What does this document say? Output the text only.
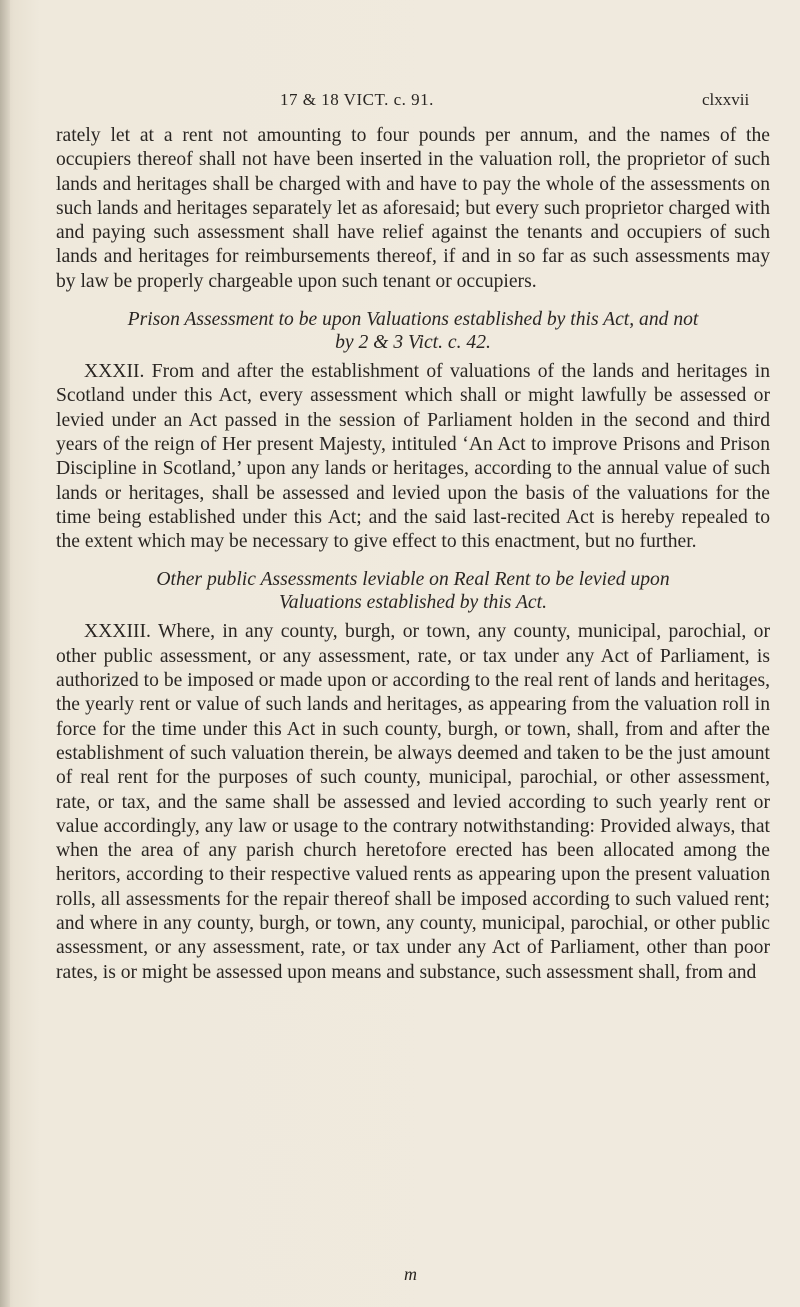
17 & 18 VICT. c. 91.	clxxvii

rately let at a rent not amounting to four pounds per annum, and the names of the occupiers thereof shall not have been inserted in the valuation roll, the proprietor of such lands and heritages shall be charged with and have to pay the whole of the assessments on such lands and heritages separately let as aforesaid; but every such proprietor charged with and paying such assessment shall have relief against the tenants and occupiers of such lands and heritages for reimbursements thereof, if and in so far as such assessments may by law be properly chargeable upon such tenant or occupiers.

Prison Assessment to be upon Valuations established by this Act, and not
by 2 & 3 Vict. c. 42.

XXXII. From and after the establishment of valuations of the lands and heritages in Scotland under this Act, every assessment which shall or might lawfully be assessed or levied under an Act passed in the session of Parliament holden in the second and third years of the reign of Her present Majesty, intituled ‘An Act to improve Prisons and Prison Discipline in Scotland,’ upon any lands or heritages, according to the annual value of such lands or heritages, shall be assessed and levied upon the basis of the valuations for the time being established under this Act; and the said last-recited Act is hereby repealed to the extent which may be necessary to give effect to this enactment, but no further.

Other public Assessments leviable on Real Rent to be levied upon
Valuations established by this Act.

XXXIII. Where, in any county, burgh, or town, any county, municipal, parochial, or other public assessment, or any assessment, rate, or tax under any Act of Parliament, is authorized to be imposed or made upon or according to the real rent of lands and heritages, the yearly rent or value of such lands and heritages, as appearing from the valuation roll in force for the time under this Act in such county, burgh, or town, shall, from and after the establishment of such valuation therein, be always deemed and taken to be the just amount of real rent for the purposes of such county, municipal, parochial, or other assessment, rate, or tax, and the same shall be assessed and levied according to such yearly rent or value accordingly, any law or usage to the contrary notwithstanding: Provided always, that when the area of any parish church heretofore erected has been allocated among the heritors, according to their respective valued rents as appearing upon the present valuation rolls, all assessments for the repair thereof shall be imposed according to such valued rent; and where in any county, burgh, or town, any county, municipal, parochial, or other public assessment, or any assessment, rate, or tax under any Act of Parliament, other than poor rates, is or might be assessed upon means and substance, such assessment shall, from and

m
